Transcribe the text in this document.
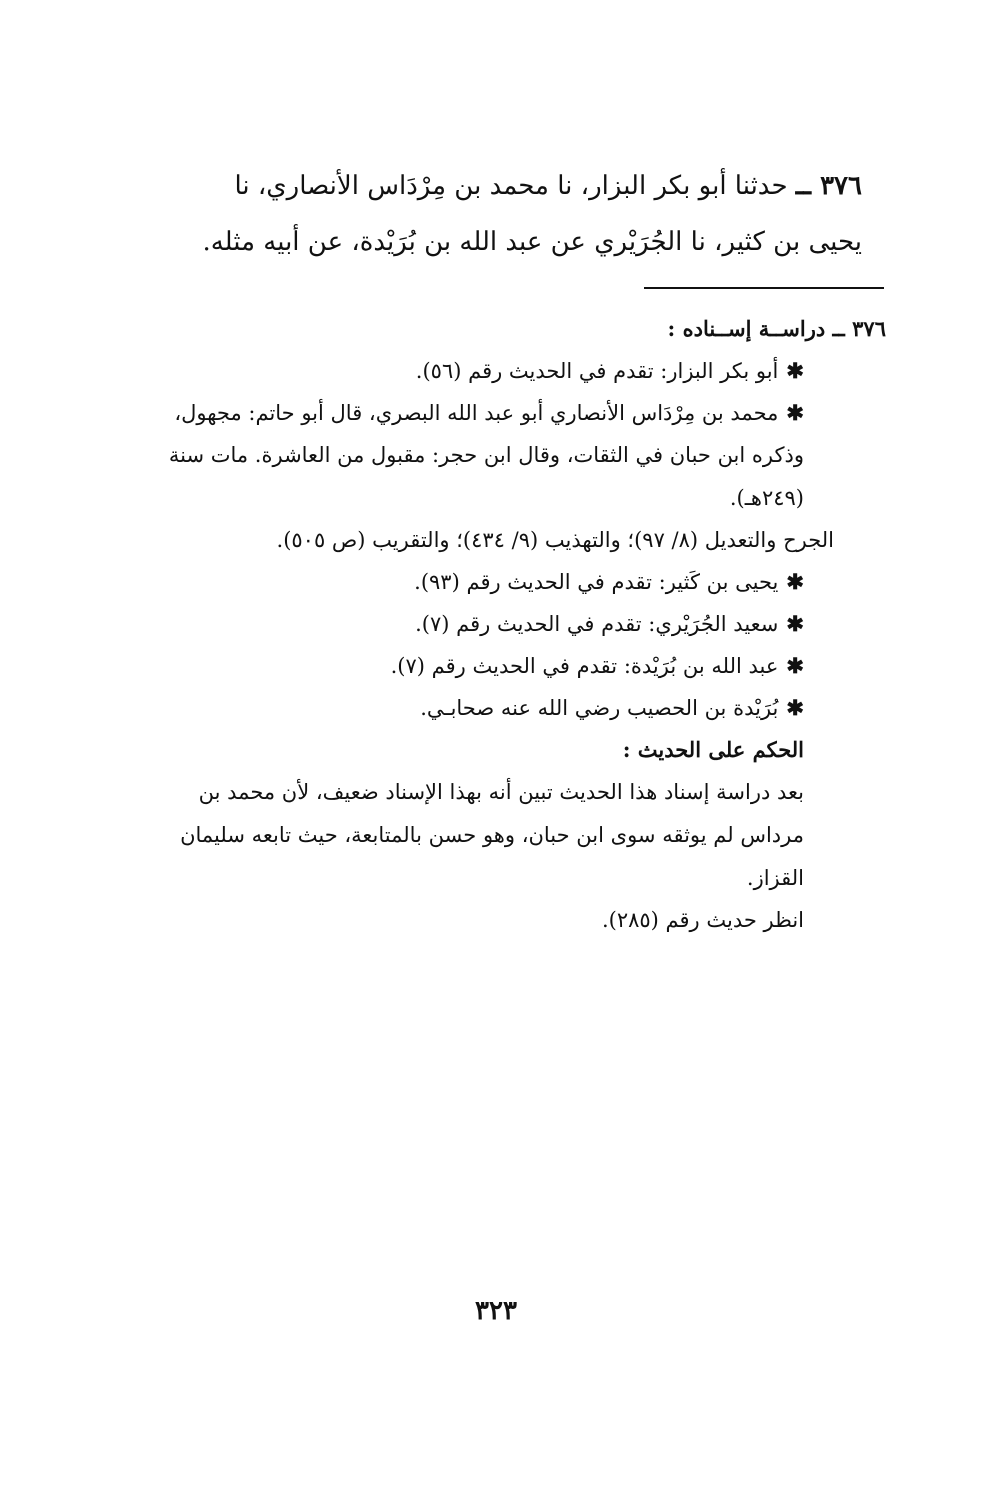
٣٧٦ ــ حدثنا أبو بكر البزار، نا محمد بن مِرْدَاس الأنصاري، نا
يحيى بن كثير، نا الجُرَيْري عن عبد الله بن بُرَيْدة، عن أبيه مثله.
٣٧٦ ــ دراســة إســناده :
✱أبو بكر البزار: تقدم في الحديث رقم (٥٦).
✱محمد بن مِرْدَاس الأنصاري أبو عبد الله البصري، قال أبو حاتم: مجهول،
وذكره ابن حبان في الثقات، وقال ابن حجر: مقبول من العاشرة. مات سنة
(٢٤٩هـ).
الجرح والتعديل (٨/ ٩٧)؛ والتهذيب (٩/ ٤٣٤)؛ والتقريب (ص ٥٠٥).
✱يحيى بن كَثير: تقدم في الحديث رقم (٩٣).
✱سعيد الجُرَيْري: تقدم في الحديث رقم (٧).
✱عبد الله بن بُرَيْدة: تقدم في الحديث رقم (٧).
✱بُرَيْدة بن الحصيب رضي الله عنه صحابـي.
الحكم على الحديث :
بعد دراسة إسناد هذا الحديث تبين أنه بهذا الإسناد ضعيف، لأن محمد بن
مرداس لم يوثقه سوى ابن حبان، وهو حسن بالمتابعة، حيث تابعه سليمان
القزاز.
انظر حديث رقم (٢٨٥).
٣٢٣
